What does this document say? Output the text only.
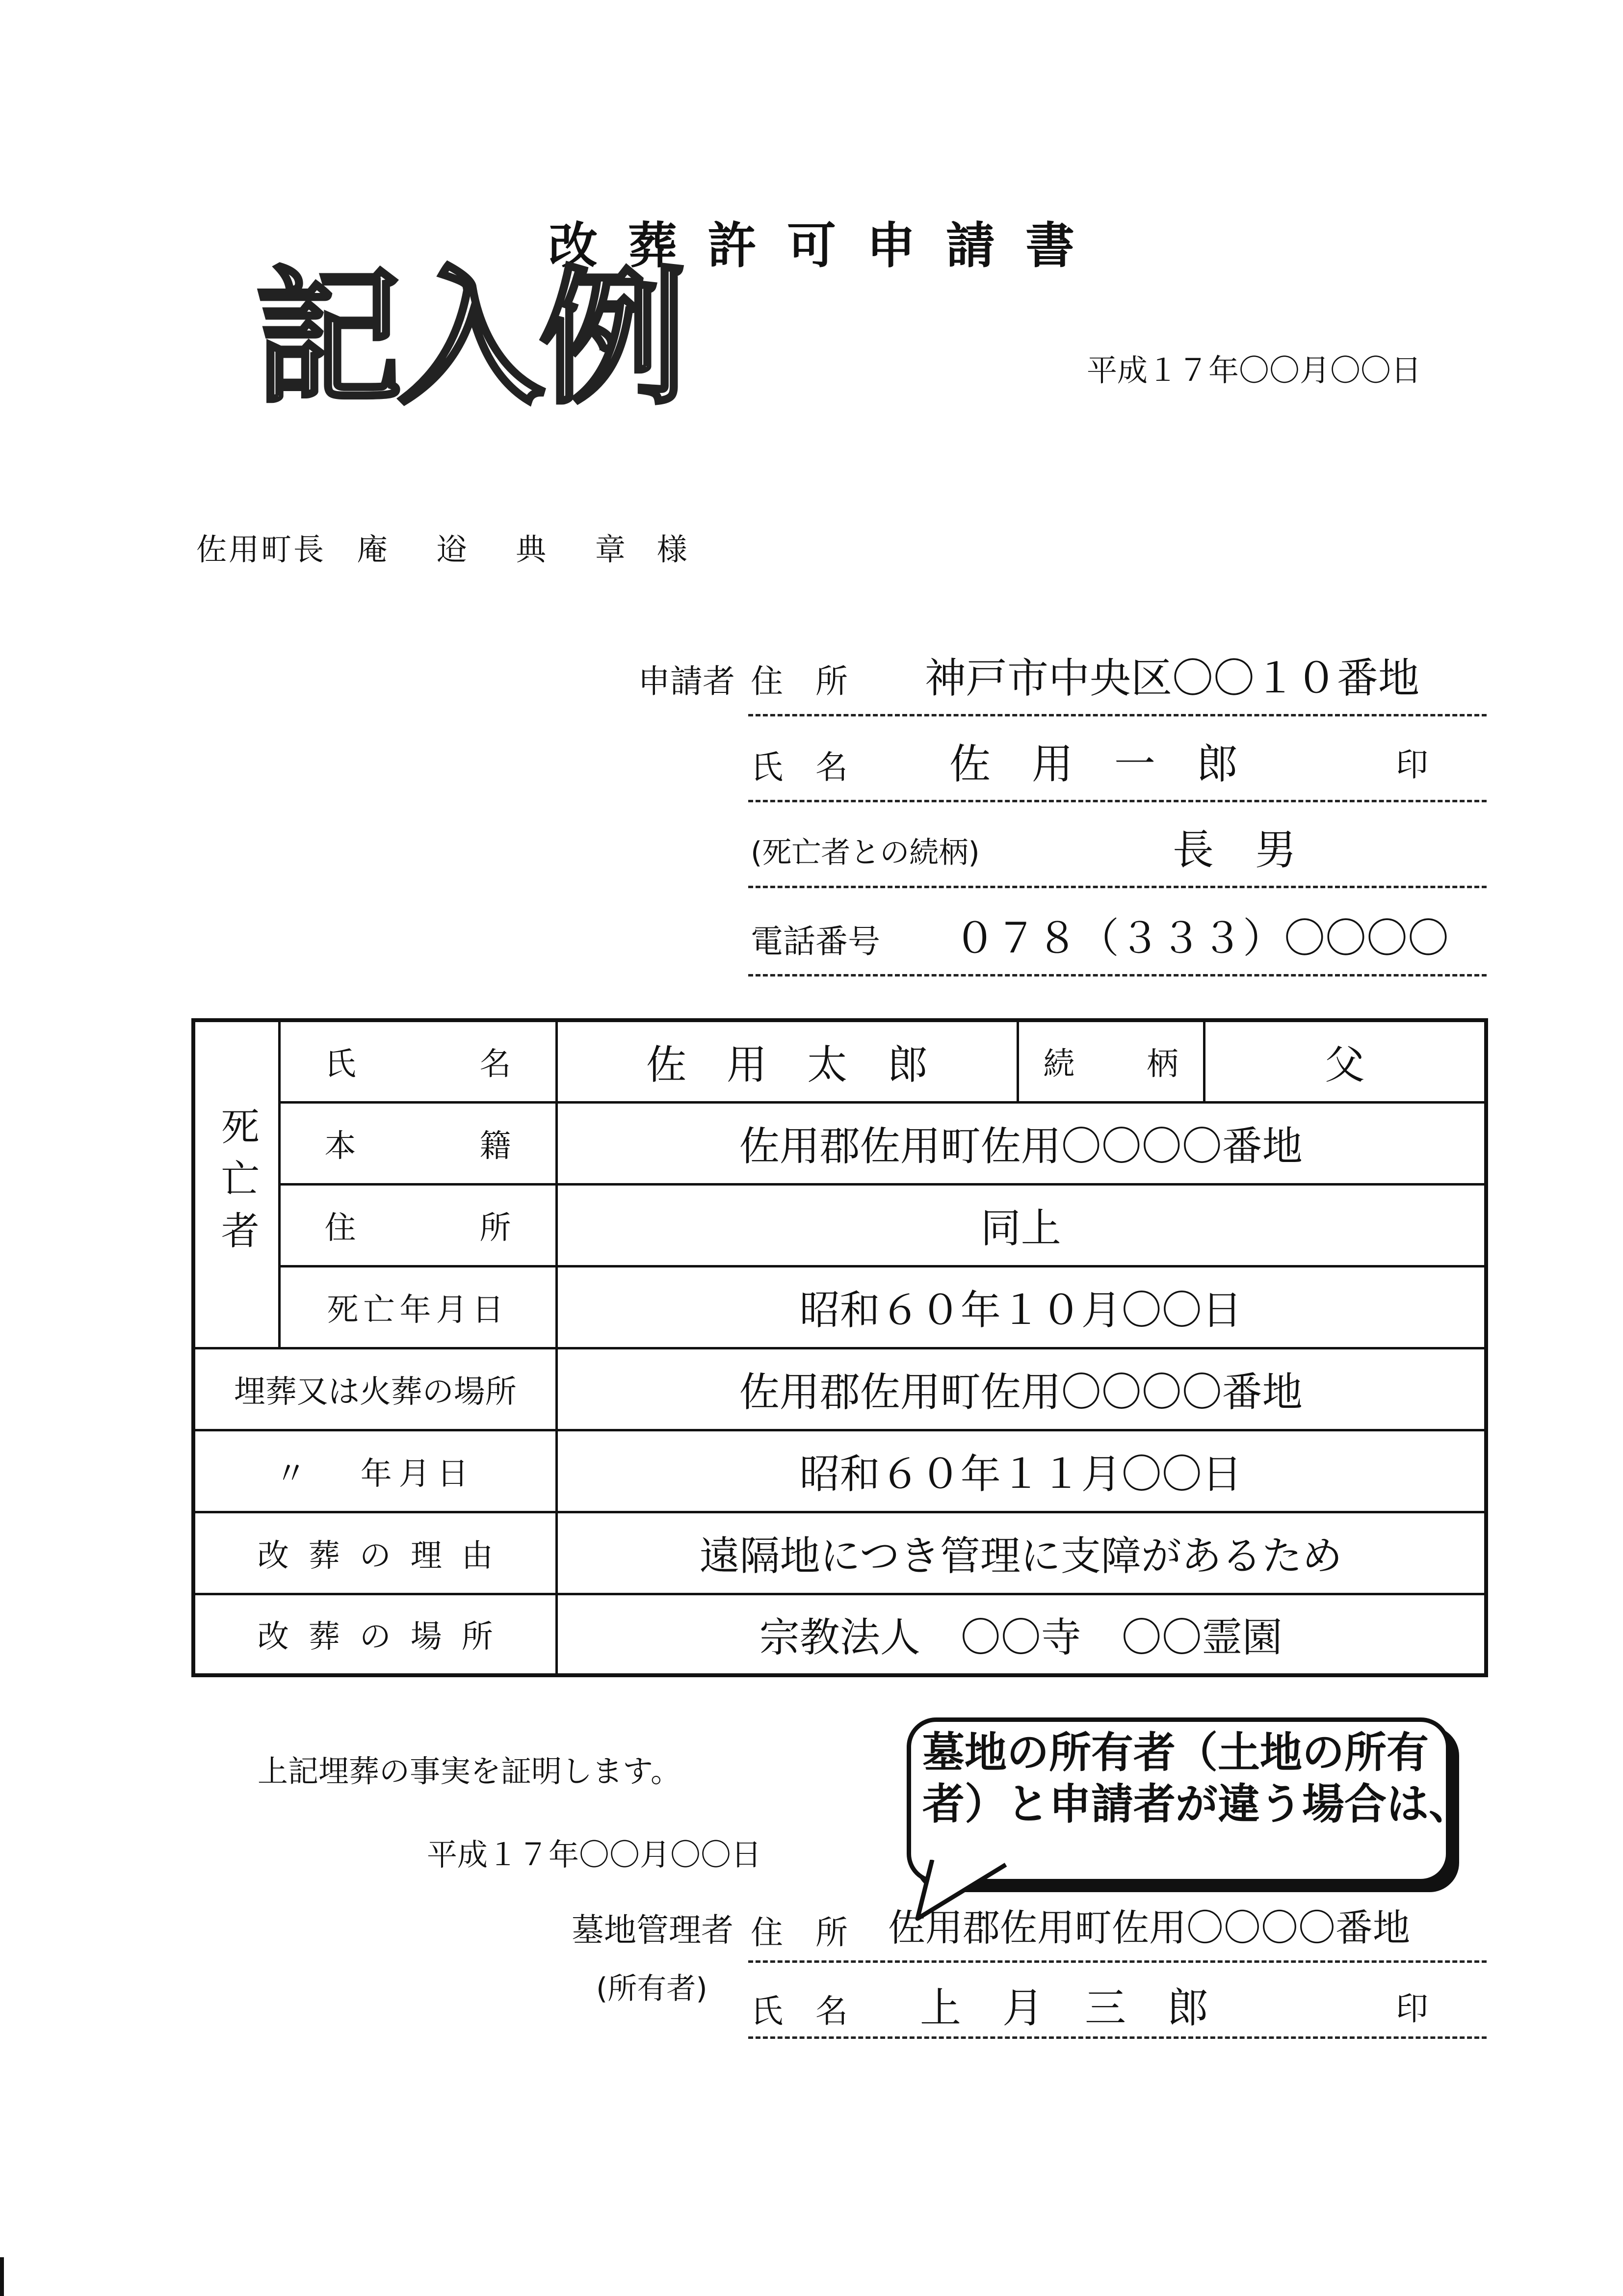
改葬許可申請書
記入例	平成１７年〇〇月〇〇日
佐用町長 庵 逧 典 章 様
申請者 住　所 神戸市中央区〇〇１０番地
氏　名 佐　用　一　郎	印
(死亡者との続柄)	長　男
電話番号 ０７８（３３３）〇〇〇〇
死亡者	氏 名	佐　用　太　郎	続 柄	父

	本 籍	佐用郡佐用町佐用〇〇〇〇番地		

	住 所	同上		
	死亡年月日	昭和６０年１０月〇〇日		
埋葬又は火葬の場所		佐用郡佐用町佐用〇〇〇〇番地		
〃 年月日		昭和６０年１１月〇〇日		
改葬の理由		遠隔地につき管理に支障があるため		
改葬の場所		宗教法人　〇〇寺　〇〇霊園		
上記埋葬の事実を証明します。
平成１７年〇〇月〇〇日
墓地の所有者（土地の所有
者）と申請者が違う場合は、
墓地管理者 住　所 佐用郡佐用町佐用〇〇〇〇番地
(所有者)
氏　名 上　月　三　郎	印
